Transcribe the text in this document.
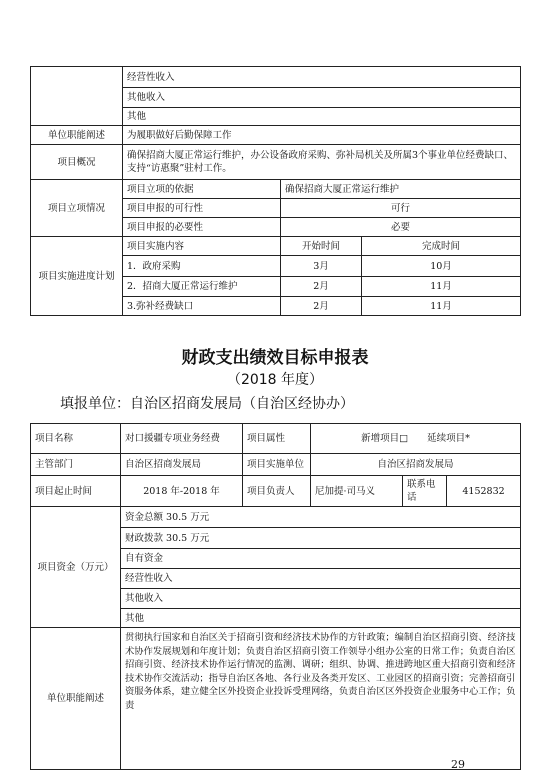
	经营性收入		
	其他收入		
	其他		
单位职能阐述	为履职做好后勤保障工作		
项目概况	确保招商大厦正常运行维护，办公设备政府采购、弥补局机关及所属3个事业单位经费缺口、支持“访惠聚”驻村工作。		
项目立项情况	项目立项的依据	确保招商大厦正常运行维护	
	项目申报的可行性	可行	
	项目申报的必要性	必要	
项目实施进度计划	项目实施内容	开始时间	完成时间
	1．政府采购	3月	10月
	2．招商大厦正常运行维护	2月	11月
	3.弥补经费缺口	2月	11月
财政支出绩效目标申报表
（2018 年度）
填报单位：自治区招商发展局（自治区经协办）
项目名称	对口援疆专项业务经费	项目属性	新增项目□　　延续项目*		
主管部门	自治区招商发展局	项目实施单位	自治区招商发展局		
项目起止时间	2018 年-2018 年	项目负责人	尼加提·司马义	联系电话	4152832
项目资金（万元）	资金总额 30.5 万元				
	财政拨款 30.5 万元				
	自有资金				
	经营性收入				
	其他收入				
	其他				
单位职能阐述	贯彻执行国家和自治区关于招商引资和经济技术协作的方针政策；编制自治区招商引资、经济技术协作发展规划和年度计划；负责自治区招商引资工作领导小组办公室的日常工作；负责自治区招商引资、经济技术协作运行情况的监测、调研；组织、协调、推进跨地区重大招商引资和经济技术协作交流活动；指导自治区各地、各行业及各类开发区、工业园区的招商引资；完善招商引资服务体系，建立健全区外投资企业投诉受理网络，负责自治区区外投资企业服务中心工作；负责				
29
